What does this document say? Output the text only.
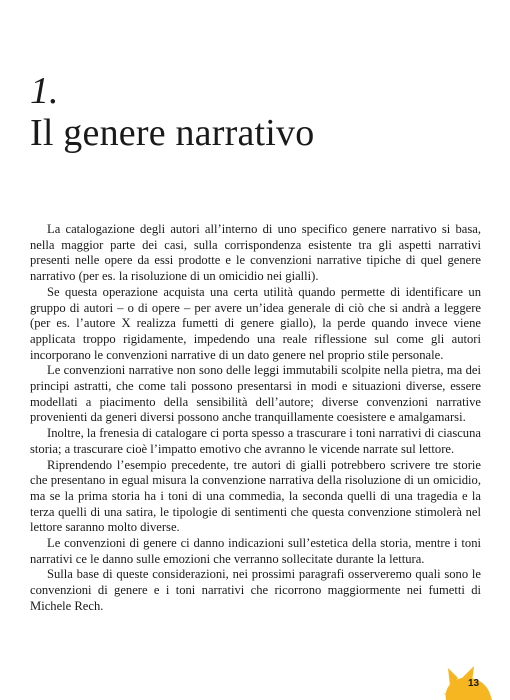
1.
Il genere narrativo

La catalogazione degli autori all’interno di uno specifico genere narrativo si basa, nella maggior parte dei casi, sulla corrispondenza esistente tra gli aspetti narrativi presenti nelle opere da essi prodotte e le convenzioni narrative tipiche di quel genere narrativo (per es. la risoluzione di un omicidio nei gialli).

Se questa operazione acquista una certa utilità quando permette di identificare un gruppo di autori – o di opere – per avere un’idea generale di ciò che si andrà a leggere (per es. l’autore X realizza fumetti di genere giallo), la perde quando invece viene applicata troppo rigidamente, impedendo una reale riflessione sul come gli autori incorporano le convenzioni narrative di un dato genere nel proprio stile personale.

Le convenzioni narrative non sono delle leggi immutabili scolpite nella pietra, ma dei principi astratti, che come tali possono presentarsi in modi e situazioni diverse, essere modellati a piacimento della sensibilità dell’autore; diverse convenzioni narrative provenienti da generi diversi possono anche tranquillamente coesistere e amalgamarsi.

Inoltre, la frenesia di catalogare ci porta spesso a trascurare i toni narrativi di ciascuna storia; a trascurare cioè l’impatto emotivo che avranno le vicende narrate sul lettore.

Riprendendo l’esempio precedente, tre autori di gialli potrebbero scrivere tre storie che presentano in egual misura la convenzione narrativa della risoluzione di un omicidio, ma se la prima storia ha i toni di una commedia, la seconda quelli di una tragedia e la terza quelli di una satira, le tipologie di sentimenti che questa convenzione stimolerà nel lettore saranno molto diverse.

Le convenzioni di genere ci danno indicazioni sull’estetica della storia, mentre i toni narrativi ce le danno sulle emozioni che verranno sollecitate durante la lettura.

Sulla base di queste considerazioni, nei prossimi paragrafi osserveremo quali sono le convenzioni di genere e i toni narrativi che ricorrono maggiormente nei fumetti di Michele Rech.

13
